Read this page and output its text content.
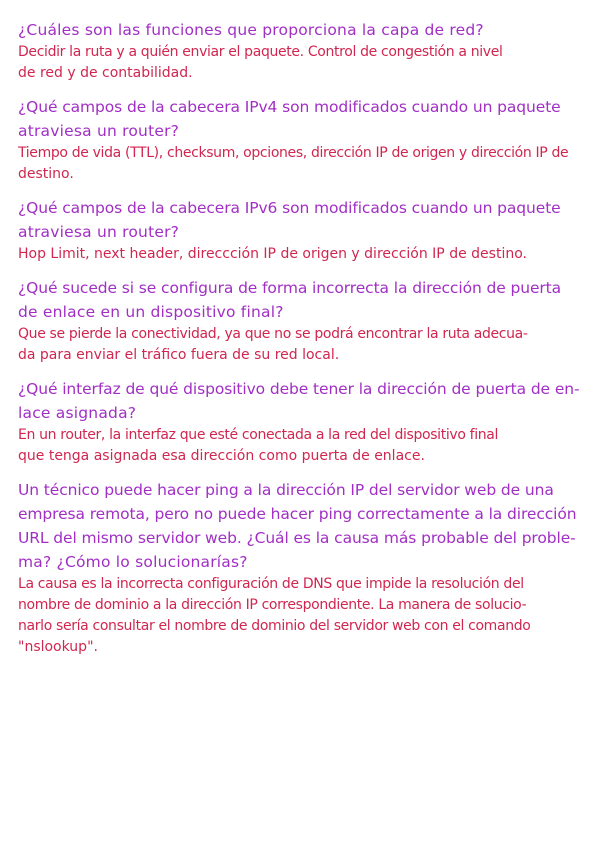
¿Cuáles son las funciones que proporciona la capa de red?
Decidir la ruta y a quién enviar el paquete. Control de congestión a nivel
de red y de contabilidad.
¿Qué campos de la cabecera IPv4 son modificados cuando un paquete
atraviesa un router?
Tiempo de vida (TTL), checksum, opciones, dirección IP de origen y dirección IP de
destino.
¿Qué campos de la cabecera IPv6 son modificados cuando un paquete
atraviesa un router?
Hop Limit, next header, direccción IP de origen y dirección IP de destino.
¿Qué sucede si se configura de forma incorrecta la dirección de puerta
de enlace en un dispositivo final?
Que se pierde la conectividad, ya que no se podrá encontrar la ruta adecua-
da para enviar el tráfico fuera de su red local.
¿Qué interfaz de qué dispositivo debe tener la dirección de puerta de en-
lace asignada?
En un router, la interfaz que esté conectada a la red del dispositivo final
que tenga asignada esa dirección como puerta de enlace.
Un técnico puede hacer ping a la dirección IP del servidor web de una
empresa remota, pero no puede hacer ping correctamente a la dirección
URL del mismo servidor web. ¿Cuál es la causa más probable del proble-
ma? ¿Cómo lo solucionarías?
La causa es la incorrecta configuración de DNS que impide la resolución del
nombre de dominio a la dirección IP correspondiente. La manera de solucio-
narlo sería consultar el nombre de dominio del servidor web con el comando
"nslookup".
